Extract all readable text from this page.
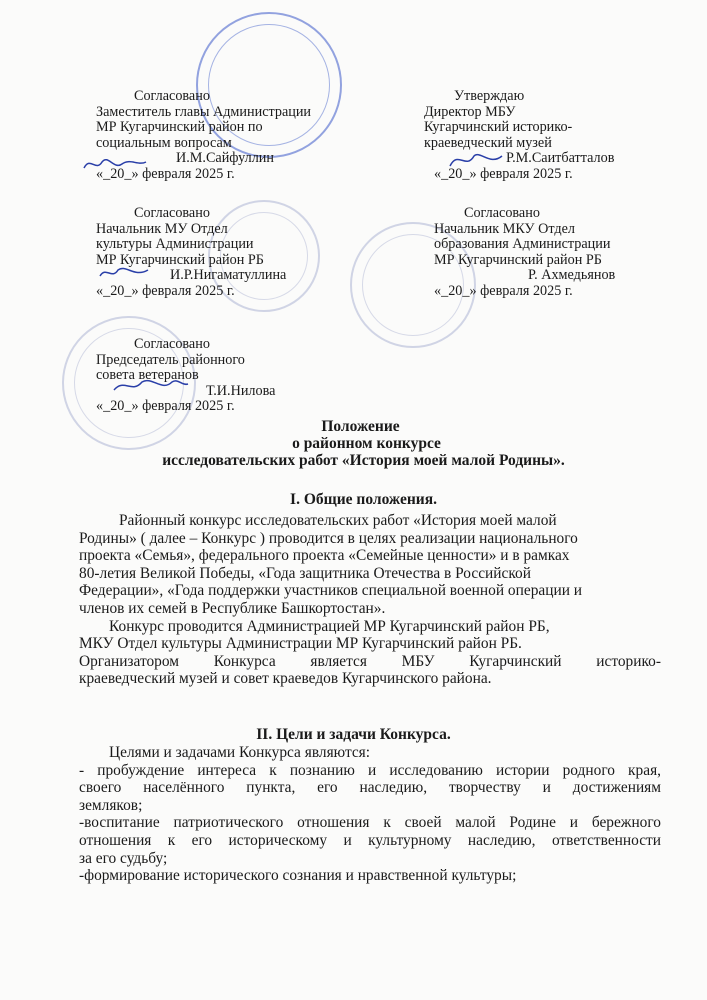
Согласовано
Заместитель главы Администрации
МР Кугарчинский район по
социальным вопросам
И.М.Сайфуллин
«_20_» февраля 2025 г.
Утверждаю
Директор МБУ
Кугарчинский историко-
краеведческий музей
Р.М.Саитбатталов
«_20_» февраля 2025 г.
Согласовано
Начальник МУ Отдел
культуры Администрации
МР Кугарчинский район РБ
И.Р.Нигаматуллина
«_20_» февраля 2025 г.
Согласовано
Начальник МКУ Отдел
образования Администрации
МР Кугарчинский район РБ
Р. Ахмедьянов
«_20_» февраля 2025 г.
Согласовано
Председатель районного
совета ветеранов
Т.И.Нилова
«_20_» февраля 2025 г.
Положение
о районном конкурсе
исследовательских работ «История моей малой Родины».
I. Общие положения.
Районный конкурс исследовательских работ «История моей малой
Родины» ( далее – Конкурс ) проводится в целях реализации национального
проекта «Семья», федерального проекта «Семейные ценности» и в рамках
80-летия Великой Победы, «Года защитника Отечества в Российской
Федерации», «Года поддержки участников специальной военной операции и
членов их семей в Республике Башкортостан».
Конкурс проводится Администрацией МР Кугарчинский район РБ,
МКУ Отдел культуры Администрации МР Кугарчинский район РБ.
Организатором Конкурса является МБУ Кугарчинский историко-
краеведческий музей и совет краеведов Кугарчинского района.
II. Цели и задачи Конкурса.
Целями и задачами Конкурса являются:
- пробуждение интереса к познанию и исследованию истории родного края,
своего населённого пункта, его наследию, творчеству и достижениям
земляков;
-воспитание патриотического отношения к своей малой Родине и бережного
отношения к его историческому и культурному наследию, ответственности
за его судьбу;
-формирование исторического сознания и нравственной культуры;
